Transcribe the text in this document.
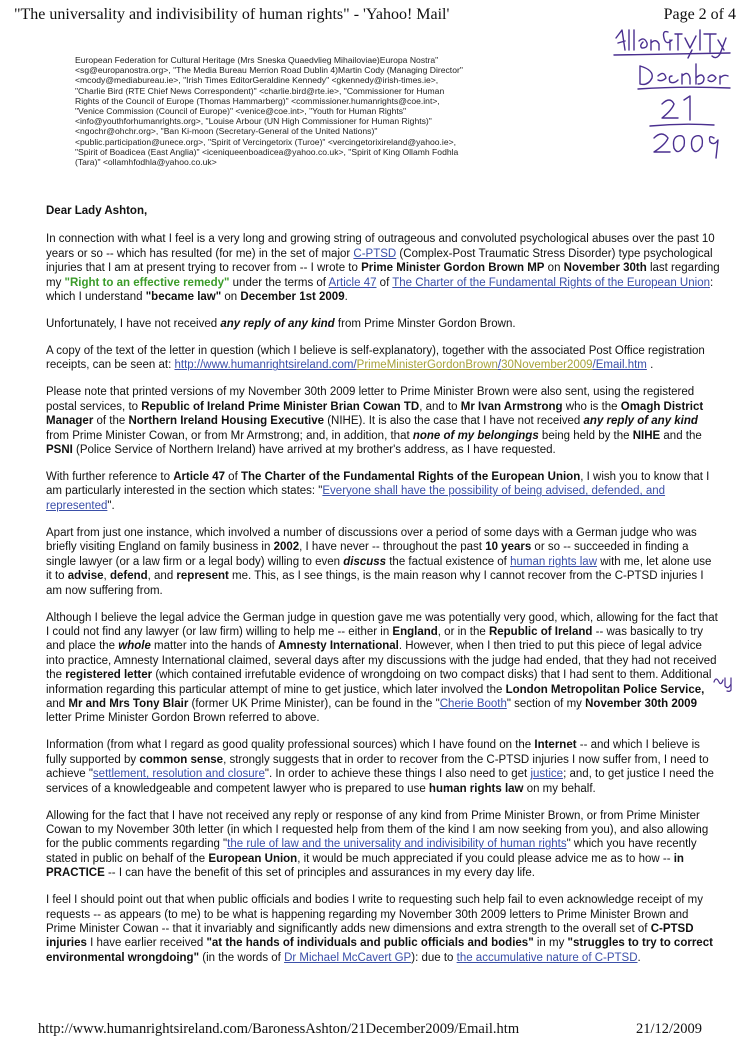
"The universality and indivisibility of human rights" - 'Yahoo! Mail'	Page 2 of 4
European Federation for Cultural Heritage (Mrs Sneska Quaedvlieg Mihailoviae)Europa Nostra"
<sg@europanostra.org>, "The Media Bureau Merrion Road Dublin 4)Martin Cody (Managing Director"
<mcody@mediabureau.ie>, "Irish Times EditorGeraldine Kennedy" <gkennedy@irish-times.ie>,
"Charlie Bird (RTE Chief News Correspondent)" <charlie.bird@rte.ie>, "Commissioner for Human
Rights of the Council of Europe (Thomas Hammarberg)" <commissioner.humanrights@coe.int>,
"Venice Commission (Council of Europe)" <venice@coe.int>, "Youth for Human Rights"
<info@youthforhumanrights.org>, "Louise Arbour (UN High Commissioner for Human Rights)"
<ngochr@ohchr.org>, "Ban Ki-moon (Secretary-General of the United Nations)"
<public.participation@unece.org>, "Spirit of Vercingetorix (Turoe)" <vercingetorixireland@yahoo.ie>,
"Spirit of Boadicea (East Anglia)" <iceniqueenboadicea@yahoo.co.uk>, "Spirit of King Ollamh Fodhla
(Tara)" <ollamhfodhla@yahoo.co.uk>

Dear Lady Ashton,

In connection with what I feel is a very long and growing string of outrageous and convoluted psychological abuses over the past 10 years or so -- which has resulted (for me) in the set of major C-PTSD (Complex-Post Traumatic Stress Disorder) type psychological injuries that I am at present trying to recover from -- I wrote to Prime Minister Gordon Brown MP on November 30th last regarding my "Right to an effective remedy" under the terms of Article 47 of The Charter of the Fundamental Rights of the European Union: which I understand "became law" on December 1st 2009.

Unfortunately, I have not received any reply of any kind from Prime Minster Gordon Brown.

A copy of the text of the letter in question (which I believe is self-explanatory), together with the associated Post Office registration receipts, can be seen at: http://www.humanrightsireland.com/PrimeMinisterGordonBrown/30November2009/Email.htm .

Please note that printed versions of my November 30th 2009 letter to Prime Minister Brown were also sent, using the registered postal services, to Republic of Ireland Prime Minister Brian Cowan TD, and to Mr Ivan Armstrong who is the Omagh District Manager of the Northern Ireland Housing Executive (NIHE). It is also the case that I have not received any reply of any kind from Prime Minister Cowan, or from Mr Armstrong; and, in addition, that none of my belongings being held by the NIHE and the PSNI (Police Service of Northern Ireland) have arrived at my brother's address, as I have requested.

With further reference to Article 47 of The Charter of the Fundamental Rights of the European Union, I wish you to know that I am particularly interested in the section which states: "Everyone shall have the possibility of being advised, defended, and represented".

Apart from just one instance, which involved a number of discussions over a period of some days with a German judge who was briefly visiting England on family business in 2002, I have never -- throughout the past 10 years or so -- succeeded in finding a single lawyer (or a law firm or a legal body) willing to even discuss the factual existence of human rights law with me, let alone use it to advise, defend, and represent me. This, as I see things, is the main reason why I cannot recover from the C-PTSD injuries I am now suffering from.

Although I believe the legal advice the German judge in question gave me was potentially very good, which, allowing for the fact that I could not find any lawyer (or law firm) willing to help me -- either in England, or in the Republic of Ireland -- was basically to try and place the whole matter into the hands of Amnesty International. However, when I then tried to put this piece of legal advice into practice, Amnesty International claimed, several days after my discussions with the judge had ended, that they had not received the registered letter (which contained irrefutable evidence of wrongdoing on two compact disks) that I had sent to them. Additional information regarding this particular attempt of mine to get justice, which later involved the London Metropolitan Police Service, and Mr and Mrs Tony Blair (former UK Prime Minister), can be found in the "Cherie Booth" section of my November 30th 2009 letter Prime Minister Gordon Brown referred to above.

Information (from what I regard as good quality professional sources) which I have found on the Internet -- and which I believe is fully supported by common sense, strongly suggests that in order to recover from the C-PTSD injuries I now suffer from, I need to achieve "settlement, resolution and closure". In order to achieve these things I also need to get justice; and, to get justice I need the services of a knowledgeable and competent lawyer who is prepared to use human rights law on my behalf.

Allowing for the fact that I have not received any reply or response of any kind from Prime Minister Brown, or from Prime Minister Cowan to my November 30th letter (in which I requested help from them of the kind I am now seeking from you), and also allowing for the public comments regarding "the rule of law and the universality and indivisibility of human rights" which you have recently stated in public on behalf of the European Union, it would be much appreciated if you could please advice me as to how -- in PRACTICE -- I can have the benefit of this set of principles and assurances in my every day life.

I feel I should point out that when public officials and bodies I write to requesting such help fail to even acknowledge receipt of my requests -- as appears (to me) to be what is happening regarding my November 30th 2009 letters to Prime Minister Brown and Prime Minister Cowan -- that it invariably and significantly adds new dimensions and extra strength to the overall set of C-PTSD injuries I have earlier received "at the hands of individuals and public officials and bodies" in my "struggles to try to correct environmental wrongdoing" (in the words of Dr Michael McCavert GP): due to the accumulative nature of C-PTSD.

http://www.humanrightsireland.com/BaronessAshton/21December2009/Email.htm	21/12/2009
